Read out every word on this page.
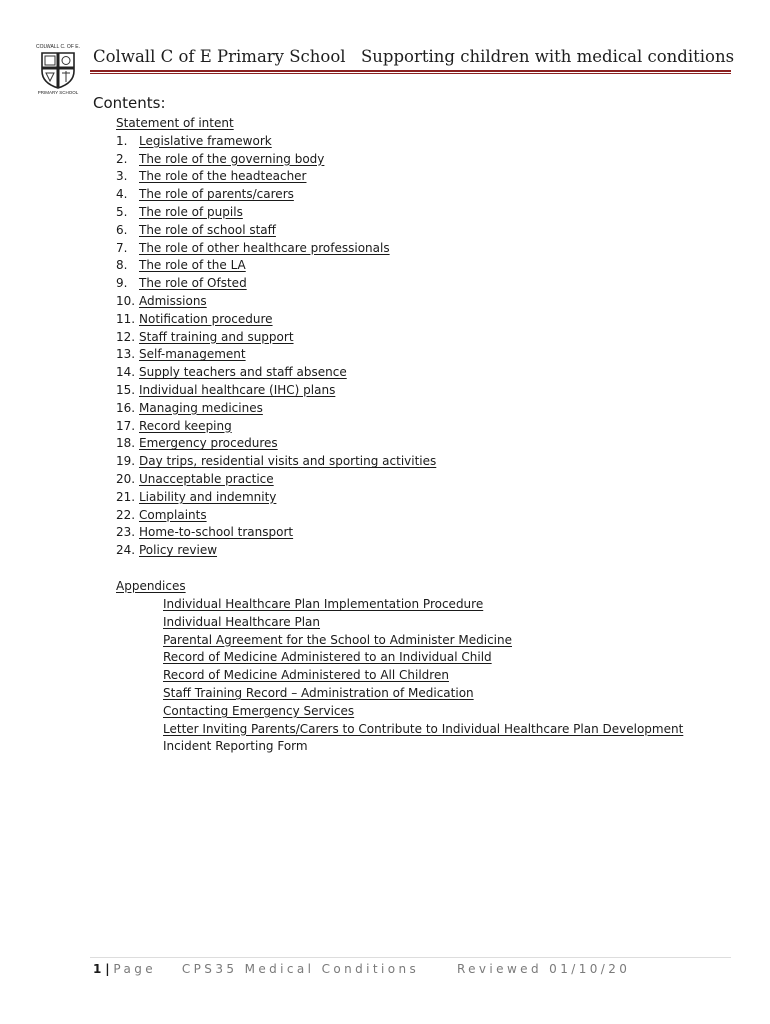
COLWALL C. OF E.
PRIMARY SCHOOL
Colwall C of E Primary School Supporting children with medical conditions
Contents:
Statement of intent
1. Legislative framework
2. The role of the governing body
3. The role of the headteacher
4. The role of parents/carers
5. The role of pupils
6. The role of school staff
7. The role of other healthcare professionals
8. The role of the LA
9. The role of Ofsted
10. Admissions
11. Notification procedure
12. Staff training and support
13. Self-management
14. Supply teachers and staff absence
15. Individual healthcare (IHC) plans
16. Managing medicines
17. Record keeping
18. Emergency procedures
19. Day trips, residential visits and sporting activities
20. Unacceptable practice
21. Liability and indemnity
22. Complaints
23. Home-to-school transport
24. Policy review
Appendices
Individual Healthcare Plan Implementation Procedure
Individual Healthcare Plan
Parental Agreement for the School to Administer Medicine
Record of Medicine Administered to an Individual Child
Record of Medicine Administered to All Children
Staff Training Record – Administration of Medication
Contacting Emergency Services
Letter Inviting Parents/Carers to Contribute to Individual Healthcare Plan Development
Incident Reporting Form
1 | Page CPS35 Medical Conditions	Reviewed 01/10/20
